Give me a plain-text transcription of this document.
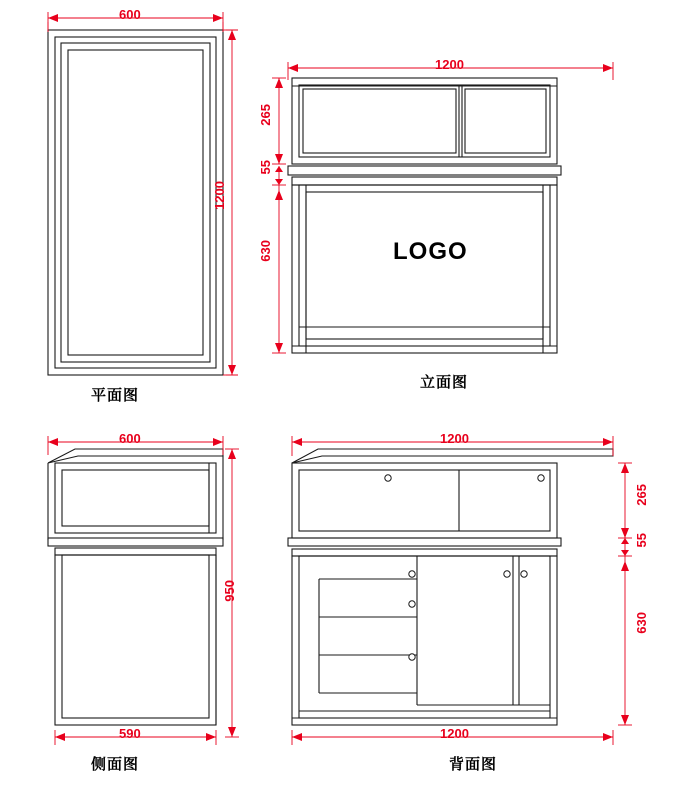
600
1200
平面图
1200
265
55
630	LOGO
立面图
600
950
590
侧面图
1200
265
55
630
1200
背面图
